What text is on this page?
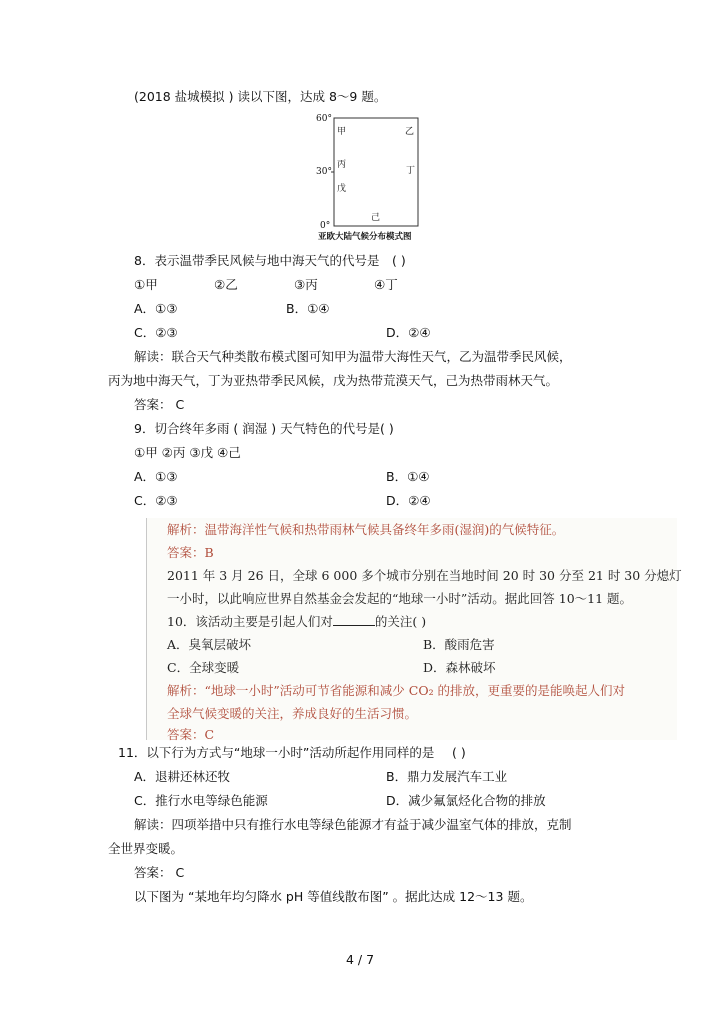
(2018 盐城模拟 ) 读以下图，达成 8～9 题。
60°
30°
0°
甲	乙
丙
丁
戊
己
亚欧大陆气候分布模式图
8．表示温带季民风候与地中海天气的代号是 ( )
①甲	②乙	③丙	④丁
A．①③	B．①④
C．②③	D．②④
解读：联合天气种类散布模式图可知甲为温带大海性天气，乙为温带季民风候，
丙为地中海天气，丁为亚热带季民风候，戊为热带荒漠天气，己为热带雨林天气。
答案： C
9．切合终年多雨 ( 润湿 ) 天气特色的代号是 ( )
①甲 ②丙 ③戊 ④己
A．①③	B．①④
C．②③	D．②④
解析：温带海洋性气候和热带雨林气候具备终年多雨(湿润)的气候特征。
答案：B
2011 年 3 月 26 日，全球 6 000 多个城市分别在当地时间 20 时 30 分至 21 时 30 分熄灯
一小时，以此响应世界自然基金会发起的“地球一小时”活动。据此回答 10～11 题。
10．该活动主要是引起人们对	的关注( )
A．臭氧层破坏	B．酸雨危害
C．全球变暖	D．森林破坏
解析：“地球一小时”活动可节省能源和减少 CO₂ 的排放，更重要的是能唤起人们对
全球气候变暖的关注，养成良好的生活习惯。
答案：C
11．以下行为方式与“地球一小时”活动所起作用同样的是 ( )
A．退耕还林还牧	B．鼎力发展汽车工业
C．推行水电等绿色能源	D．减少氟氯烃化合物的排放
解读：四项举措中只有推行水电等绿色能源才有益于减少温室气体的排放，克制
全世界变暖。
答案： C
以下图为 “某地年均匀降水 pH 等值线散布图” 。据此达成 12～13 题。
4 / 7
